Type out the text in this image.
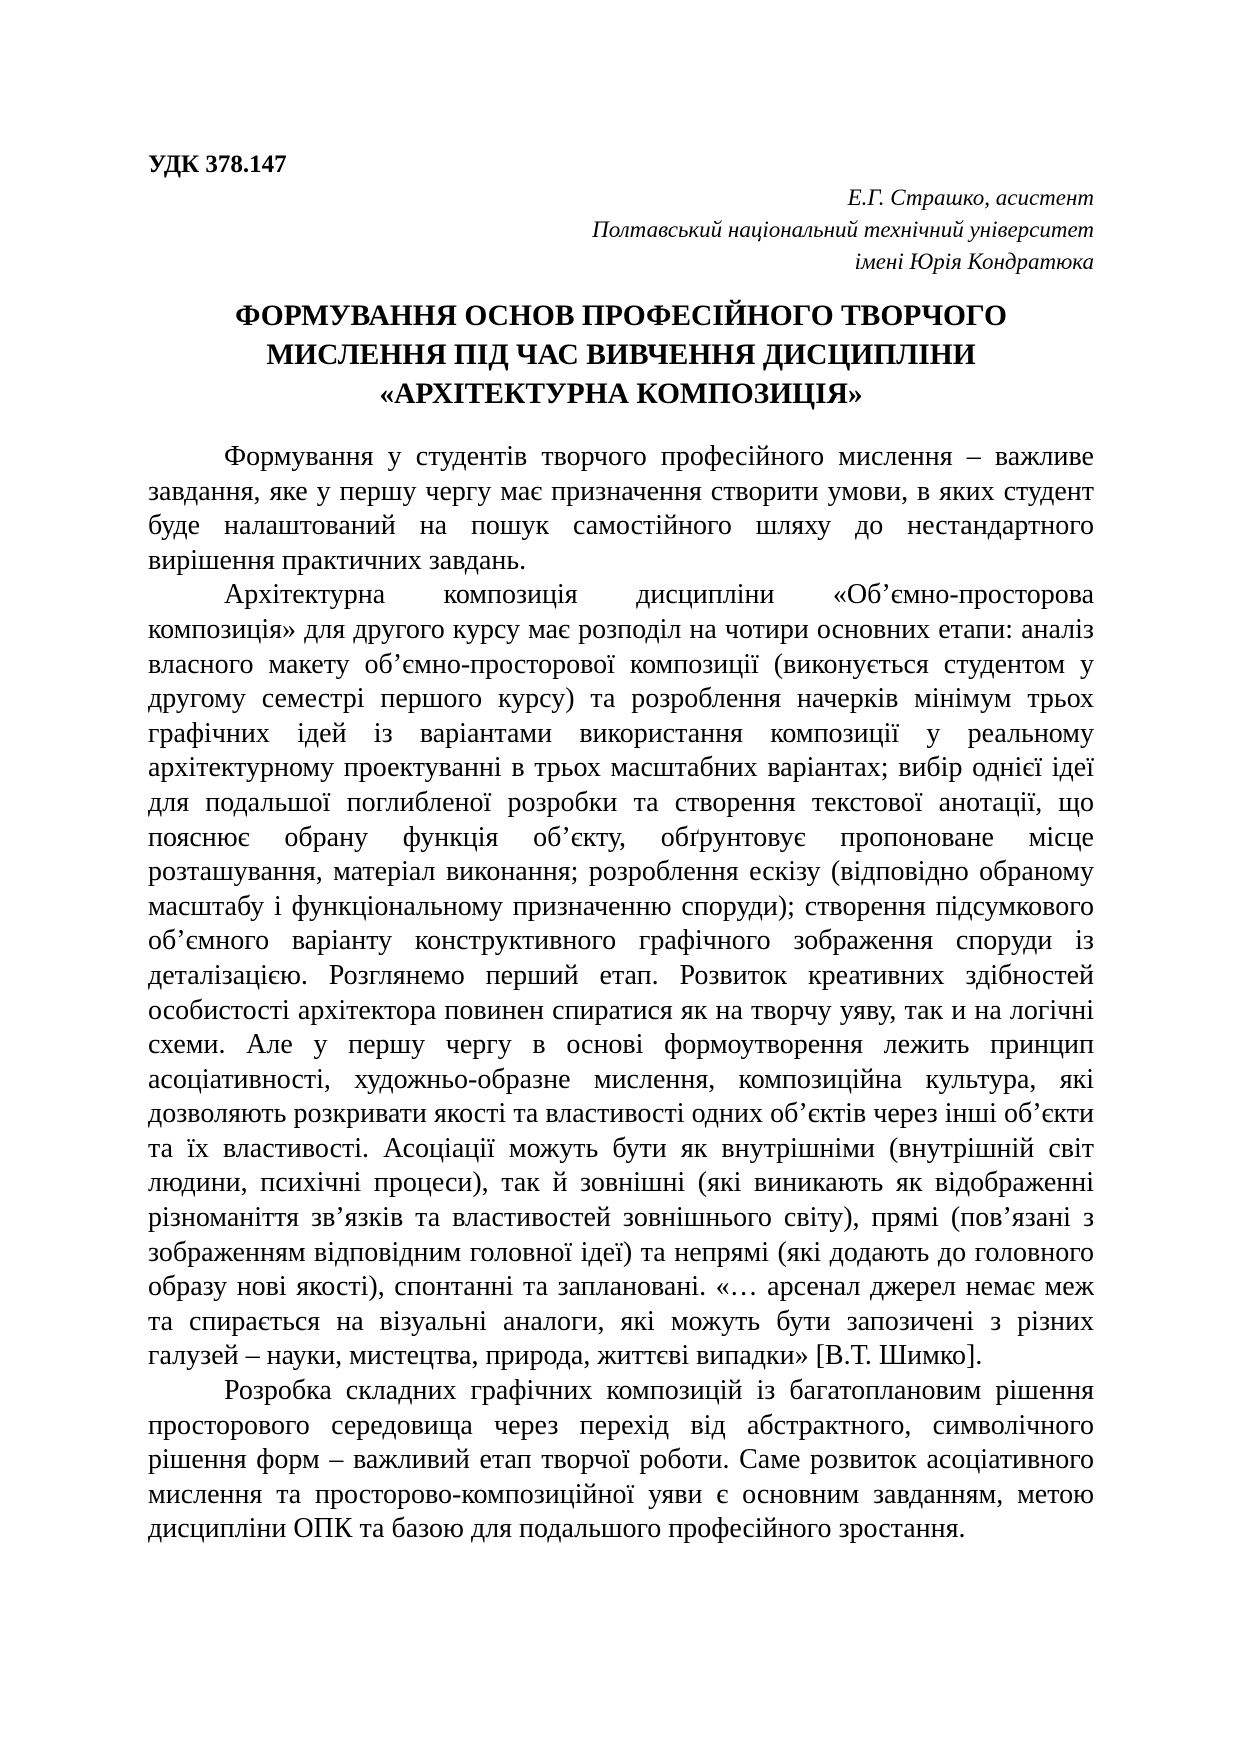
УДК 378.147

Е.Г. Страшко, асистент
Полтавський національний технічний університет
імені Юрія Кондратюка
ФОРМУВАННЯ ОСНОВ ПРОФЕСІЙНОГО ТВОРЧОГО
МИСЛЕННЯ ПІД ЧАС ВИВЧЕННЯ ДИСЦИПЛІНИ
«АРХІТЕКТУРНА КОМПОЗИЦІЯ»

Формування у студентів творчого професійного мислення – важливе завдання, яке у першу чергу має призначення створити умови, в яких студент буде налаштований на пошук самостійного шляху до нестандартного вирішення практичних завдань.

Архітектурна композиція дисципліни «Об’ємно-просторова композиція» для другого курсу має розподіл на чотири основних етапи: аналіз власного макету об’ємно-просторової композиції (виконується студентом у другому семестрі першого курсу) та розроблення начерків мінімум трьох графічних ідей із варіантами використання композиції у реальному архітектурному проектуванні в трьох масштабних варіантах; вибір однієї ідеї для подальшої поглибленої розробки та створення текстової анотації, що пояснює обрану функція об’єкту, обґрунтовує пропоноване місце розташування, матеріал виконання; розроблення ескізу (відповідно обраному масштабу і функціональному призначенню споруди); створення підсумкового об’ємного варіанту конструктивного графічного зображення споруди із деталізацією. Розглянемо перший етап. Розвиток креативних здібностей особистості архітектора повинен спиратися як на творчу уяву, так и на логічні схеми. Але у першу чергу в основі формоутворення лежить принцип асоціативності, художньо-образне мислення, композиційна культура, які дозволяють розкривати якості та властивості одних об’єктів через інші об’єкти та їх властивості. Асоціації можуть бути як внутрішніми (внутрішній світ людини, психічні процеси), так й зовнішні (які виникають як відображенні різноманіття зв’язків та властивостей зовнішнього світу), прямі (пов’язані з зображенням відповідним головної ідеї) та непрямі (які додають до головного образу нові якості), спонтанні та заплановані. «… арсенал джерел немає меж та спирається на візуальні аналоги, які можуть бути запозичені з різних галузей – науки, мистецтва, природа, життєві випадки» [В.Т. Шимко].

Розробка складних графічних композицій із багатоплановим рішення просторового середовища через перехід від абстрактного, символічного рішення форм – важливий етап творчої роботи. Саме розвиток асоціативного мислення та просторово-композиційної уяви є основним завданням, метою дисципліни ОПК та базою для подальшого професійного зростання.
